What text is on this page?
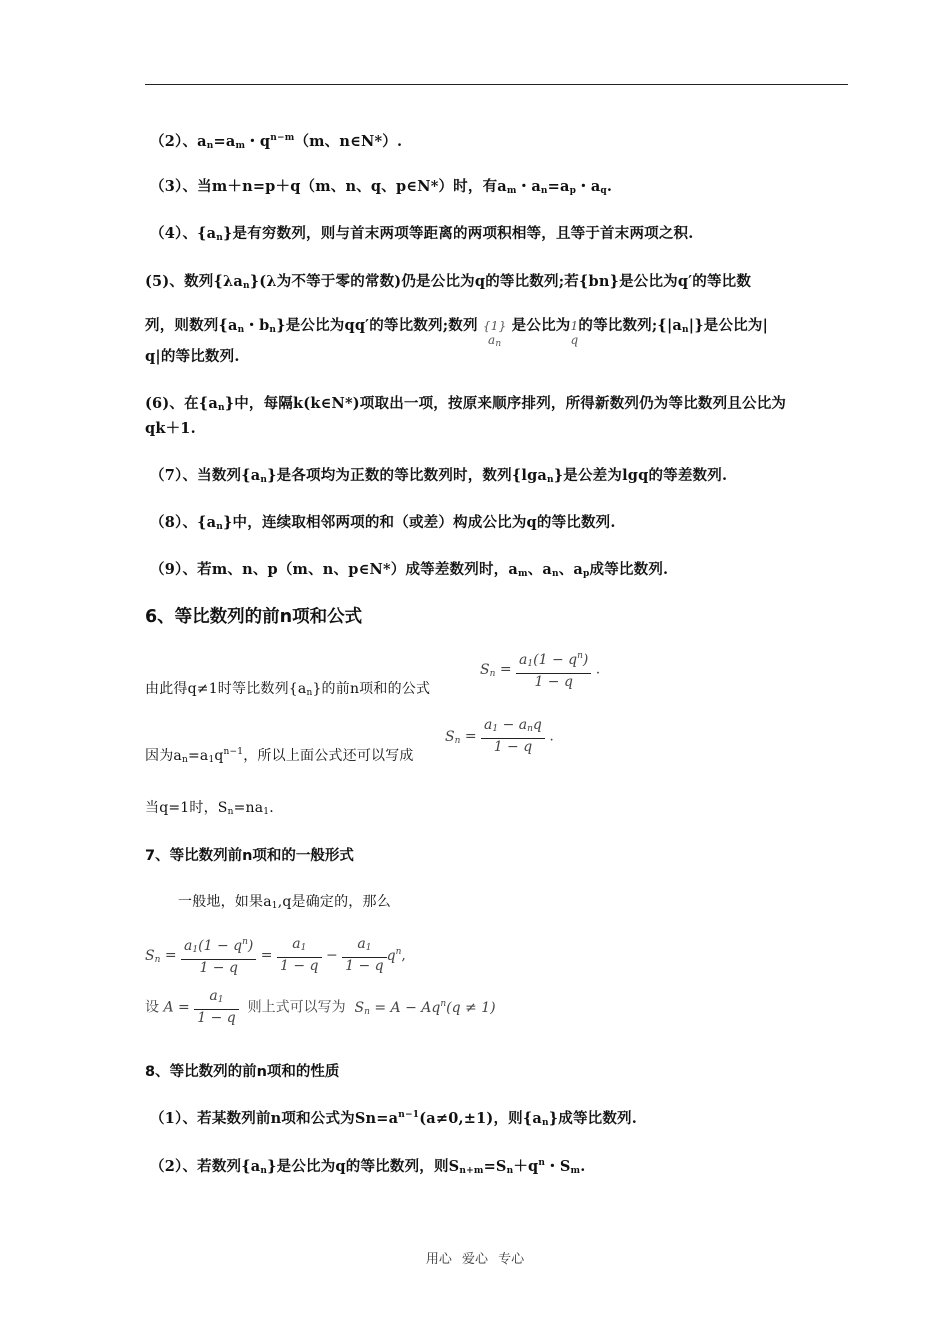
（2）、$a_n=a_m$・$q^{n-m}(m$、n∈N*）.
（3）、当m＋n=p＋q（m、n、q、p∈N*）时，有$a_m$・$a_n=a_p$・$a_q$.
（4）、$\{a_n\}$是有穷数列，则与首末两项等距离的两项积相等，且等于首末两项之积.
(5)、数列$\{\lambda a_n\}(\lambda$为不等于零的常数)仍是公比为q的等比数列;若{bn}是公比为q′的等比数
列，则数列{$a_n$・$b_n$}是公比为qq′的等比数列;数列 {1}
$a_n$
是公比为 1
q
的等比数列$;\{|a_n|\}$是公比为|
q|的等比数列.
(6)、在$\{a_n\}$中，每隔k(k∈N*)项取出一项，按原来顺序排列，所得新数列仍为等比数列且公比为
qk＋1.
（7）、当数列$\{a_n\}$是各项均为正数的等比数列时，数列{lga$_n$}是公差为lgq的等差数列.
（8）、$\{a_n\}$中，连续取相邻两项的和（或差）构成公比为q的等比数列.
（9）、若m、n、p（m、n、p∈N*）成等差数列时，$a_m$、$a_n$、$a_p$成等比数列.
6、等比数列的前n项和公式
由此得q≠1时等比数列$\{a_n\}$的前n项和的公式
$S_n = \frac{a_1(1 - q^n)}{1 - q}$ .
因为$a_n=a_1q^{n-1}$，所以上面公式还可以写成
$S_n = \frac{a_1 - a_nq}{1 - q}$ .
当q=1时，$S_n=na_1$.
7、等比数列前n项和的一般形式
一般地，如果$a_1,q$是确定的，那么
$S_n = \frac{a_1(1 - q^n)}{1 - q} = \frac{a_1}{1 - q} - \frac{a_1}{1 - q} q^n$,
设 $A = \frac{a_1}{1 - q}$ 则上式可以写为 $S_n = A - Aq^n(q \ne 1)$
8、等比数列的前n项和的性质
（1）、若某数列前n项和公式为$Sn=a^{n-1}(a\ne 0,\pm 1)$，则$\{a_n\}$成等比数列.
（2）、若数列$\{a_n\}$是公比为q的等比数列，则$S_{n+m}=S_n+q^n$・$S_m$.
用心 爱心 专心
